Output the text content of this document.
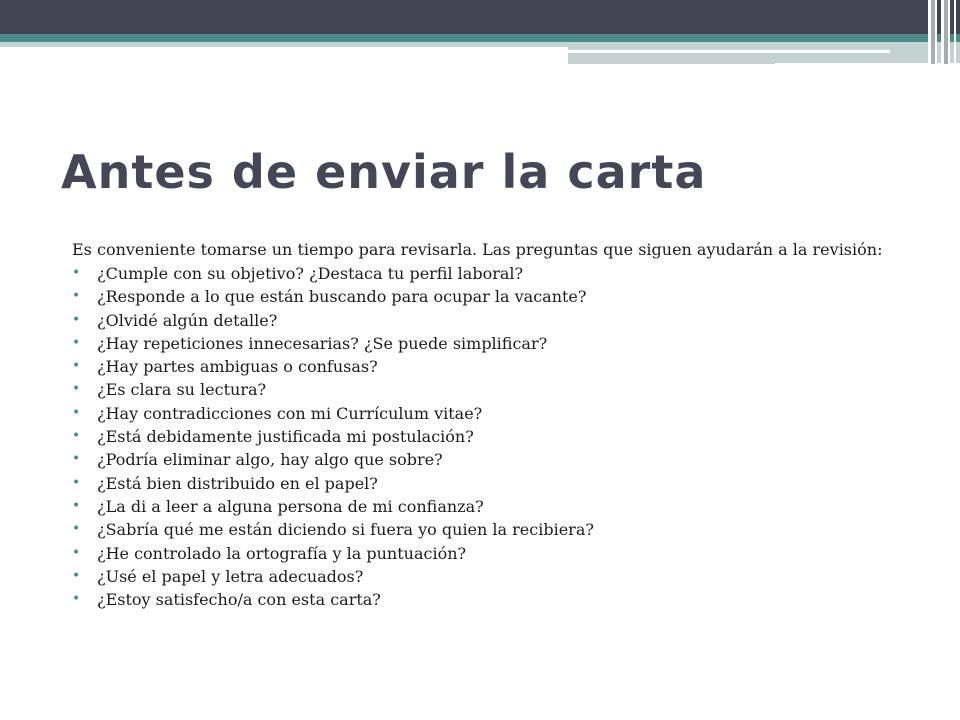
Antes de enviar la carta

Es conveniente tomarse un tiempo para revisarla. Las preguntas que siguen ayudarán a la revisión:

•	¿Cumple con su objetivo? ¿Destaca tu perfil laboral?
•	¿Responde a lo que están buscando para ocupar la vacante?
•	¿Olvidé algún detalle?
•	¿Hay repeticiones innecesarias? ¿Se puede simplificar?
•	¿Hay partes ambiguas o confusas?
•	¿Es clara su lectura?
•	¿Hay contradicciones con mi Currículum vitae?
•	¿Está debidamente justificada mi postulación?
•	¿Podría eliminar algo, hay algo que sobre?
•	¿Está bien distribuido en el papel?
•	¿La di a leer a alguna persona de mi confianza?
•	¿Sabría qué me están diciendo si fuera yo quien la recibiera?
•	¿He controlado la ortografía y la puntuación?
•	¿Usé el papel y letra adecuados?
•	¿Estoy satisfecho/a con esta carta?
